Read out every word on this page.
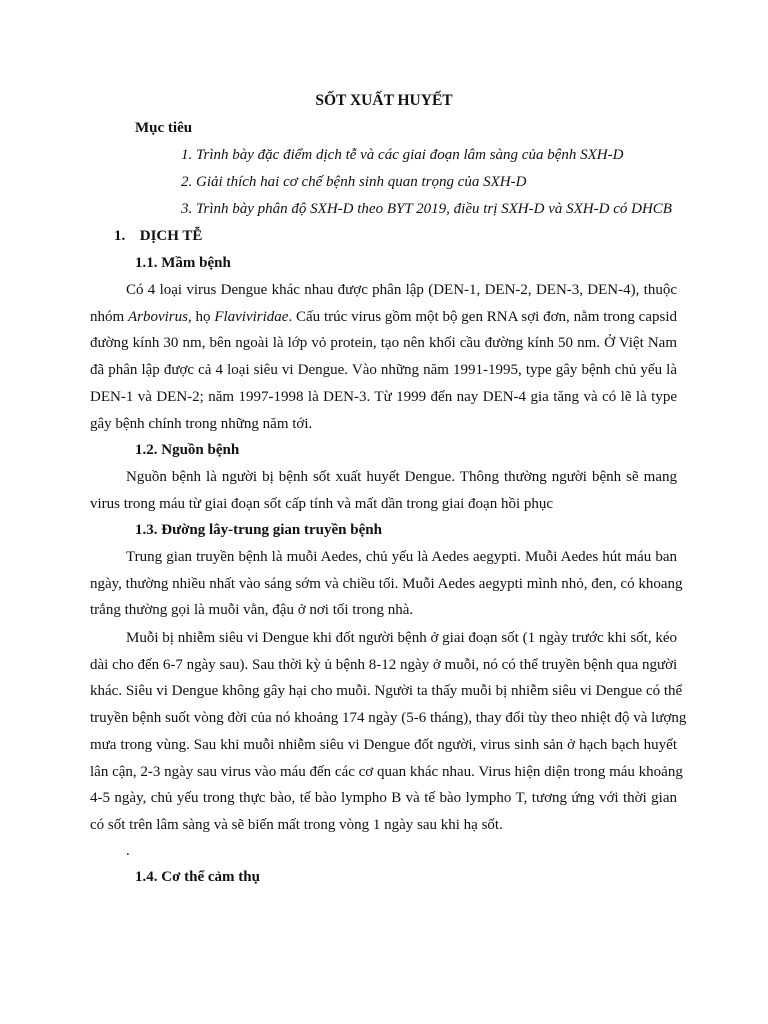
SỐT XUẤT HUYẾT
Mục tiêu
1. Trình bày đặc điểm dịch tễ và các giai đoạn lâm sàng của bệnh SXH-D
2. Giải thích hai cơ chế bệnh sinh quan trọng của SXH-D
3. Trình bày phân độ SXH-D theo BYT 2019, điều trị SXH-D và SXH-D có DHCB
1. DỊCH TỄ
1.1. Mầm bệnh
Có 4 loại virus Dengue khác nhau được phân lập (DEN-1, DEN-2, DEN-3, DEN-4), thuộc
nhóm Arbovirus, họ Flaviviridae. Cấu trúc virus gồm một bộ gen RNA sợi đơn, nằm trong capsid
đường kính 30 nm, bên ngoài là lớp vỏ protein, tạo nên khối cầu đường kính 50 nm. Ở Việt Nam
đã phân lập được cả 4 loại siêu vi Dengue. Vào những năm 1991-1995, type gây bệnh chủ yếu là
DEN-1 và DEN-2; năm 1997-1998 là DEN-3. Từ 1999 đến nay DEN-4 gia tăng và có lẽ là type
gây bệnh chính trong những năm tới.
1.2. Nguồn bệnh
Nguồn bệnh là người bị bệnh sốt xuất huyết Dengue. Thông thường người bệnh sẽ mang
virus trong máu từ giai đoạn sốt cấp tính và mất dần trong giai đoạn hồi phục
1.3. Đường lây-trung gian truyền bệnh
Trung gian truyền bệnh là muỗi Aedes, chủ yếu là Aedes aegypti. Muỗi Aedes hút máu ban
ngày, thường nhiều nhất vào sáng sớm và chiều tối. Muỗi Aedes aegypti mình nhỏ, đen, có khoang
trắng thường gọi là muỗi vằn, đậu ở nơi tối trong nhà.
Muỗi bị nhiễm siêu vi Dengue khi đốt người bệnh ở giai đoạn sốt (1 ngày trước khi sốt, kéo
dài cho đến 6-7 ngày sau). Sau thời kỳ ủ bệnh 8-12 ngày ở muỗi, nó có thể truyền bệnh qua người
khác. Siêu vi Dengue không gây hại cho muỗi. Người ta thấy muỗi bị nhiễm siêu vi Dengue có thể
truyền bệnh suốt vòng đời của nó khoảng 174 ngày (5-6 tháng), thay đổi tùy theo nhiệt độ và lượng
mưa trong vùng. Sau khi muỗi nhiễm siêu vi Dengue đốt người, virus sinh sản ở hạch bạch huyết
lân cận, 2-3 ngày sau virus vào máu đến các cơ quan khác nhau. Virus hiện diện trong máu khoảng
4-5 ngày, chủ yếu trong thực bào, tế bào lympho B và tế bào lympho T, tương ứng với thời gian
có sốt trên lâm sàng và sẽ biến mất trong vòng 1 ngày sau khi hạ sốt.
.
1.4. Cơ thể cảm thụ
